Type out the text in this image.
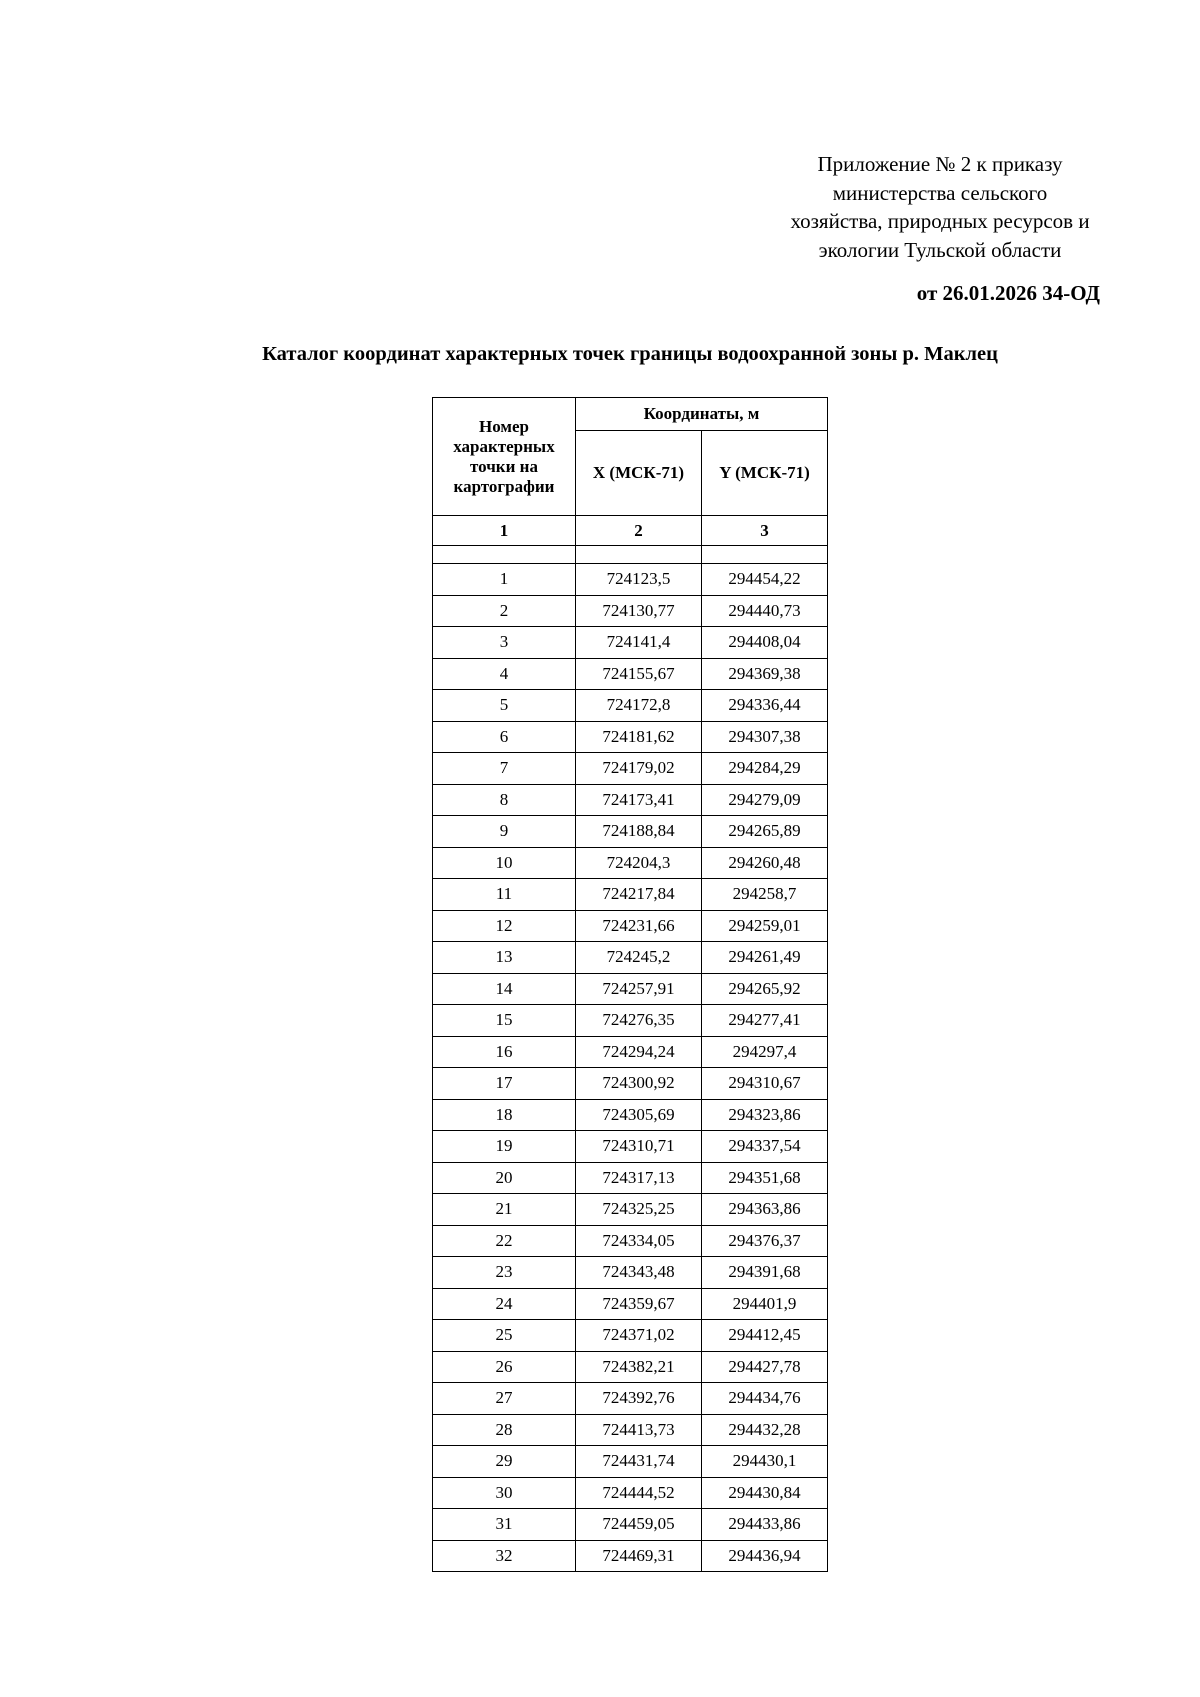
Приложение № 2 к приказу
министерства сельского
хозяйства, природных ресурсов и
экологии Тульской области
от 26.01.2026 34-ОД
Каталог координат характерных точек границы водоохранной зоны р. Маклец
Номер
характерных
точки на
картографии	Координаты, м	
	X (МСК-71)	Y (МСК-71)
1	2	3

1	724123,5	294454,22
2	724130,77	294440,73
3	724141,4	294408,04
4	724155,67	294369,38
5	724172,8	294336,44
6	724181,62	294307,38
7	724179,02	294284,29
8	724173,41	294279,09
9	724188,84	294265,89
10	724204,3	294260,48
11	724217,84	294258,7
12	724231,66	294259,01
13	724245,2	294261,49
14	724257,91	294265,92
15	724276,35	294277,41
16	724294,24	294297,4
17	724300,92	294310,67
18	724305,69	294323,86
19	724310,71	294337,54
20	724317,13	294351,68
21	724325,25	294363,86
22	724334,05	294376,37
23	724343,48	294391,68
24	724359,67	294401,9
25	724371,02	294412,45
26	724382,21	294427,78
27	724392,76	294434,76
28	724413,73	294432,28
29	724431,74	294430,1
30	724444,52	294430,84
31	724459,05	294433,86
32	724469,31	294436,94
